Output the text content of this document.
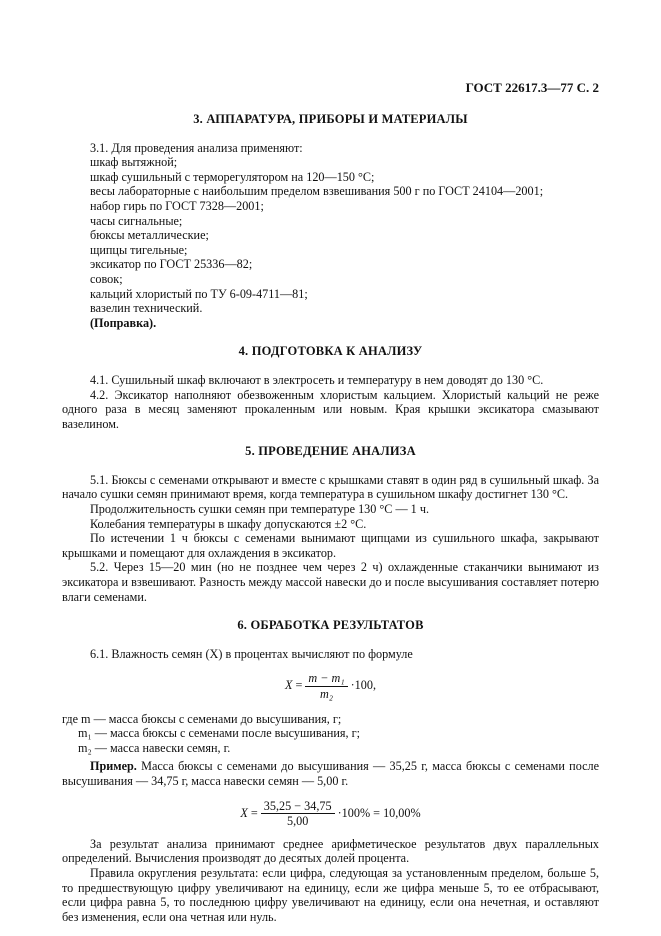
ГОСТ 22617.3—77 С. 2
3. АППАРАТУРА, ПРИБОРЫ И МАТЕРИАЛЫ

3.1. Для проведения анализа применяют:

шкаф вытяжной;
шкаф сушильный с терморегулятором на 120—150 °С;
весы лабораторные с наибольшим пределом взвешивания 500 г по ГОСТ 24104—2001;
набор гирь по ГОСТ 7328—2001;
часы сигнальные;
бюксы металлические;
щипцы тигельные;
эксикатор по ГОСТ 25336—82;
совок;
кальций хлористый по ТУ 6-09-4711—81;
вазелин технический.
(Поправка).
4. ПОДГОТОВКА К АНАЛИЗУ

4.1. Сушильный шкаф включают в электросеть и температуру в нем доводят до 130 °С.

4.2. Эксикатор наполняют обезвоженным хлористым кальцием. Хлористый кальций не реже одного раза в месяц заменяют прокаленным или новым. Края крышки эксикатора смазывают вазелином.

5. ПРОВЕДЕНИЕ АНАЛИЗА

5.1. Бюксы с семенами открывают и вместе с крышками ставят в один ряд в сушильный шкаф. За начало сушки семян принимают время, когда температура в сушильном шкафу достигнет 130 °С.

Продолжительность сушки семян при температуре 130 °С — 1 ч.

Колебания температуры в шкафу допускаются ±2 °С.

По истечении 1 ч бюксы с семенами вынимают щипцами из сушильного шкафа, закрывают крышками и помещают для охлаждения в эксикатор.

5.2. Через 15—20 мин (но не позднее чем через 2 ч) охлажденные стаканчики вынимают из эксикатора и взвешивают. Разность между массой навески до и после высушивания составляет потерю влаги семенами.

6. ОБРАБОТКА РЕЗУЛЬТАТОВ

6.1. Влажность семян (X) в процентах вычисляют по формуле

$X = \frac{\text{m − m₁}}{\text{m₂}} \cdot 100$,
где m — масса бюксы с семенами до высушивания, г;
m₁ — масса бюксы с семенами после высушивания, г;
m₂ — масса навески семян, г.

Пример. Масса бюксы с семенами до высушивания — 35,25 г, масса бюксы с семенами после высушивания — 34,75 г, масса навески семян — 5,00 г.

$X = \frac{35,25 - 34,75}{5,00} \cdot 100\% = 10,00\%$

За результат анализа принимают среднее арифметическое результатов двух параллельных определений. Вычисления производят до десятых долей процента.

Правила округления результата: если цифра, следующая за установленным пределом, больше 5, то предшествующую цифру увеличивают на единицу, если же цифра меньше 5, то ее отбрасывают, если цифра равна 5, то последнюю цифру увеличивают на единицу, если она нечетная, и оставляют без изменения, если она четная или нуль.
